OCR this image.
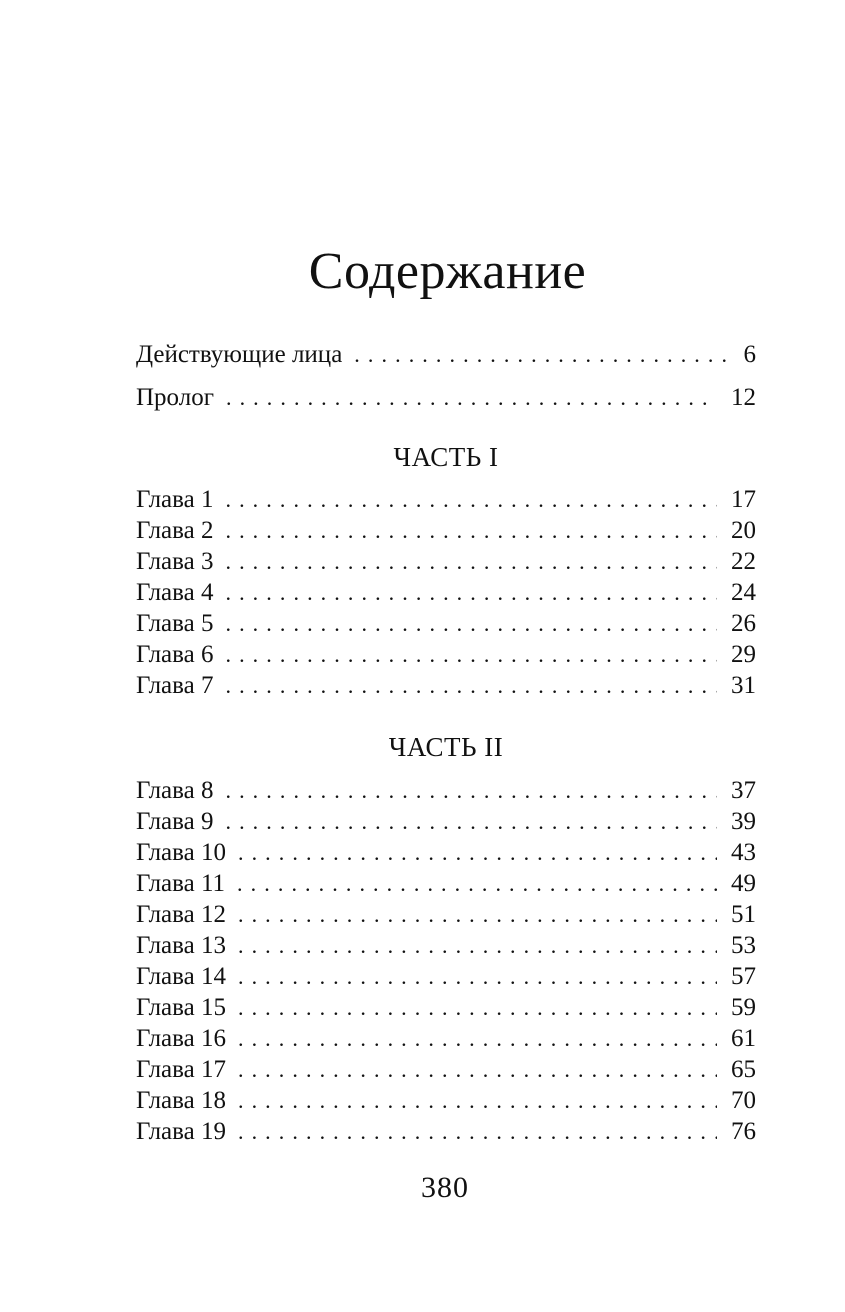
Содержание
Действующие лица . . .	6
Пролог . . .	12
ЧАСТЬ I
Глава 1 . . .	17
Глава 2 . . .	20
Глава 3 . . .	22
Глава 4 . . .	24
Глава 5 . . .	26
Глава 6 . . .	29
Глава 7 . . .	31
ЧАСТЬ II
Глава 8 . . .	37
Глава 9 . . .	39
Глава 10 . . .	43
Глава 11 . . .	49
Глава 12 . . .	51
Глава 13 . . .	53
Глава 14 . . .	57
Глава 15 . . .	59
Глава 16 . . .	61
Глава 17 . . .	65
Глава 18 . . .	70
Глава 19 . . .	76
380
